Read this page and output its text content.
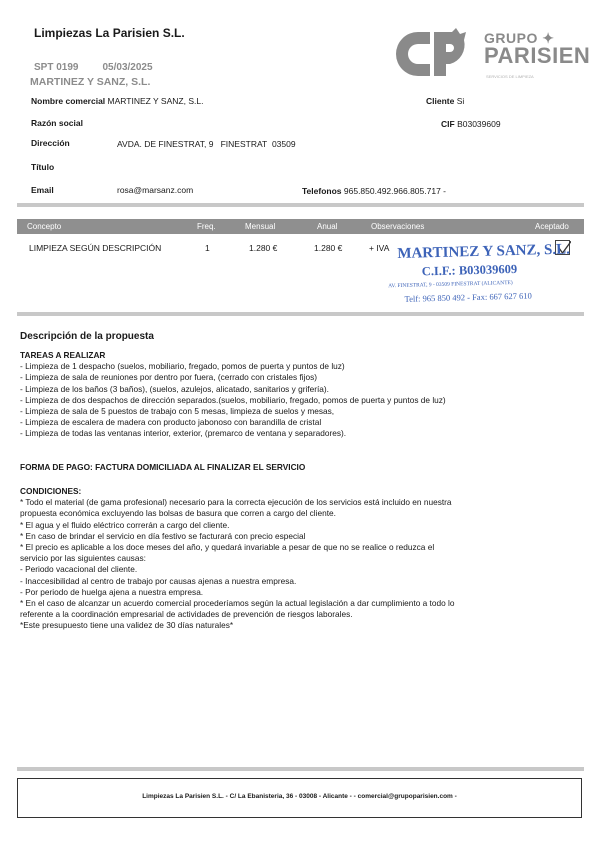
Limpiezas La Parisien S.L.	GRUPO ✦
PARISIEN
SERVICIOS DE LIMPIEZA
SPT 0199 05/03/2025
MARTINEZ Y SANZ, S.L.
Nombre comercial MARTINEZ Y SANZ, S.L.	Cliente Si
Razón social	CIF B03039609
Dirección	AVDA. DE FINESTRAT, 9 FINESTRAT 03509
Título
Email	rosa@marsanz.com	Telefonos 965.850.492.966.805.717 -
Concepto	Freq.	Mensual	Anual	Observaciones	Aceptado
LIMPIEZA SEGÚN DESCRIPCIÓN	1	1.280 €	1.280 €	+ IVA MARTINEZ Y SANZ, S.L.
C.I.F.: B03039609
AV. FINESTRAT, 9 - 03509 FINESTRAT (ALICANTE)
Telf: 965 850 492 - Fax: 667 627 610
Descripción de la propuesta
TAREAS A REALIZAR
- Limpieza de 1 despacho (suelos, mobiliario, fregado, pomos de puerta y puntos de luz)
- Limpieza de sala de reuniones por dentro por fuera, (cerrado con cristales fijos)
- Limpieza de los baños (3 baños), (suelos, azulejos, alicatado, sanitarios y grifería).
- Limpieza de dos despachos de dirección separados.(suelos, mobiliario, fregado, pomos de puerta y puntos de luz)
- Limpieza de sala de 5 puestos de trabajo con 5 mesas, limpieza de suelos y mesas,
- Limpieza de escalera de madera con producto jabonoso con barandilla de cristal
- Limpieza de todas las ventanas interior, exterior, (premarco de ventana y separadores).
FORMA DE PAGO: FACTURA DOMICILIADA AL FINALIZAR EL SERVICIO
CONDICIONES:
* Todo el material (de gama profesional) necesario para la correcta ejecución de los servicios está incluido en nuestra
propuesta económica excluyendo las bolsas de basura que corren a cargo del cliente.
* El agua y el fluido eléctrico correrán a cargo del cliente.
* En caso de brindar el servicio en día festivo se facturará con precio especial
* El precio es aplicable a los doce meses del año, y quedará invariable a pesar de que no se realice o reduzca el
servicio por las siguientes causas:
- Periodo vacacional del cliente.
- Inaccesibilidad al centro de trabajo por causas ajenas a nuestra empresa.
- Por periodo de huelga ajena a nuestra empresa.
* En el caso de alcanzar un acuerdo comercial procederíamos según la actual legislación a dar cumplimiento a todo lo
referente a la coordinación empresarial de actividades de prevención de riesgos laborales.
*Este presupuesto tiene una validez de 30 días naturales*
Limpiezas La Parisien S.L. - C/ La Ebanisteria, 36 - 03008 - Alicante - - comercial@grupoparisien.com -
